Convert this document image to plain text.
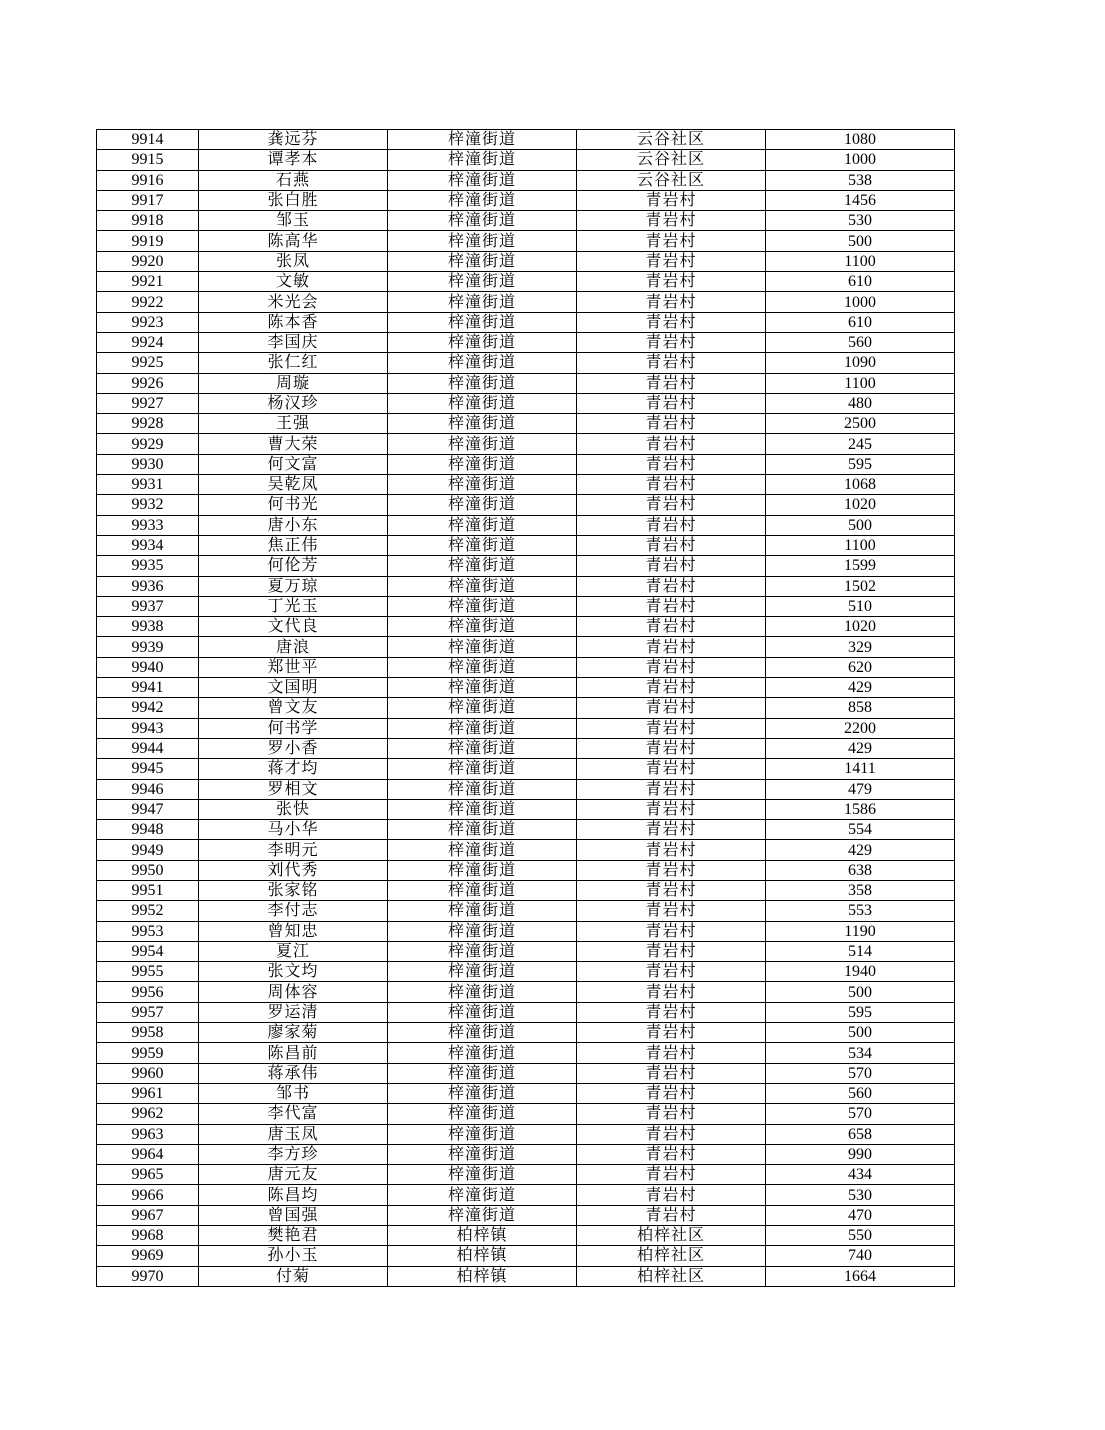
9914	龚远芬	梓潼街道	云谷社区	1080
9915	谭孝本	梓潼街道	云谷社区	1000
9916	石燕	梓潼街道	云谷社区	538
9917	张白胜	梓潼街道	青岩村	1456
9918	邹玉	梓潼街道	青岩村	530
9919	陈高华	梓潼街道	青岩村	500
9920	张凤	梓潼街道	青岩村	1100
9921	文敏	梓潼街道	青岩村	610
9922	米光会	梓潼街道	青岩村	1000
9923	陈本香	梓潼街道	青岩村	610
9924	李国庆	梓潼街道	青岩村	560
9925	张仁红	梓潼街道	青岩村	1090
9926	周璇	梓潼街道	青岩村	1100
9927	杨汉珍	梓潼街道	青岩村	480
9928	王强	梓潼街道	青岩村	2500
9929	曹大荣	梓潼街道	青岩村	245
9930	何文富	梓潼街道	青岩村	595
9931	吴乾凤	梓潼街道	青岩村	1068
9932	何书光	梓潼街道	青岩村	1020
9933	唐小东	梓潼街道	青岩村	500
9934	焦正伟	梓潼街道	青岩村	1100
9935	何伦芳	梓潼街道	青岩村	1599
9936	夏万琼	梓潼街道	青岩村	1502
9937	丁光玉	梓潼街道	青岩村	510
9938	文代良	梓潼街道	青岩村	1020
9939	唐浪	梓潼街道	青岩村	329
9940	郑世平	梓潼街道	青岩村	620
9941	文国明	梓潼街道	青岩村	429
9942	曾文友	梓潼街道	青岩村	858
9943	何书学	梓潼街道	青岩村	2200
9944	罗小香	梓潼街道	青岩村	429
9945	蒋才均	梓潼街道	青岩村	1411
9946	罗相文	梓潼街道	青岩村	479
9947	张快	梓潼街道	青岩村	1586
9948	马小华	梓潼街道	青岩村	554
9949	李明元	梓潼街道	青岩村	429
9950	刘代秀	梓潼街道	青岩村	638
9951	张家铭	梓潼街道	青岩村	358
9952	李付志	梓潼街道	青岩村	553
9953	曾知忠	梓潼街道	青岩村	1190
9954	夏江	梓潼街道	青岩村	514
9955	张文均	梓潼街道	青岩村	1940
9956	周体容	梓潼街道	青岩村	500
9957	罗运清	梓潼街道	青岩村	595
9958	廖家菊	梓潼街道	青岩村	500
9959	陈昌前	梓潼街道	青岩村	534
9960	蒋承伟	梓潼街道	青岩村	570
9961	邹书	梓潼街道	青岩村	560
9962	李代富	梓潼街道	青岩村	570
9963	唐玉凤	梓潼街道	青岩村	658
9964	李方珍	梓潼街道	青岩村	990
9965	唐元友	梓潼街道	青岩村	434
9966	陈昌均	梓潼街道	青岩村	530
9967	曾国强	梓潼街道	青岩村	470
9968	樊艳君	柏梓镇	柏梓社区	550
9969	孙小玉	柏梓镇	柏梓社区	740
9970	付菊	柏梓镇	柏梓社区	1664
